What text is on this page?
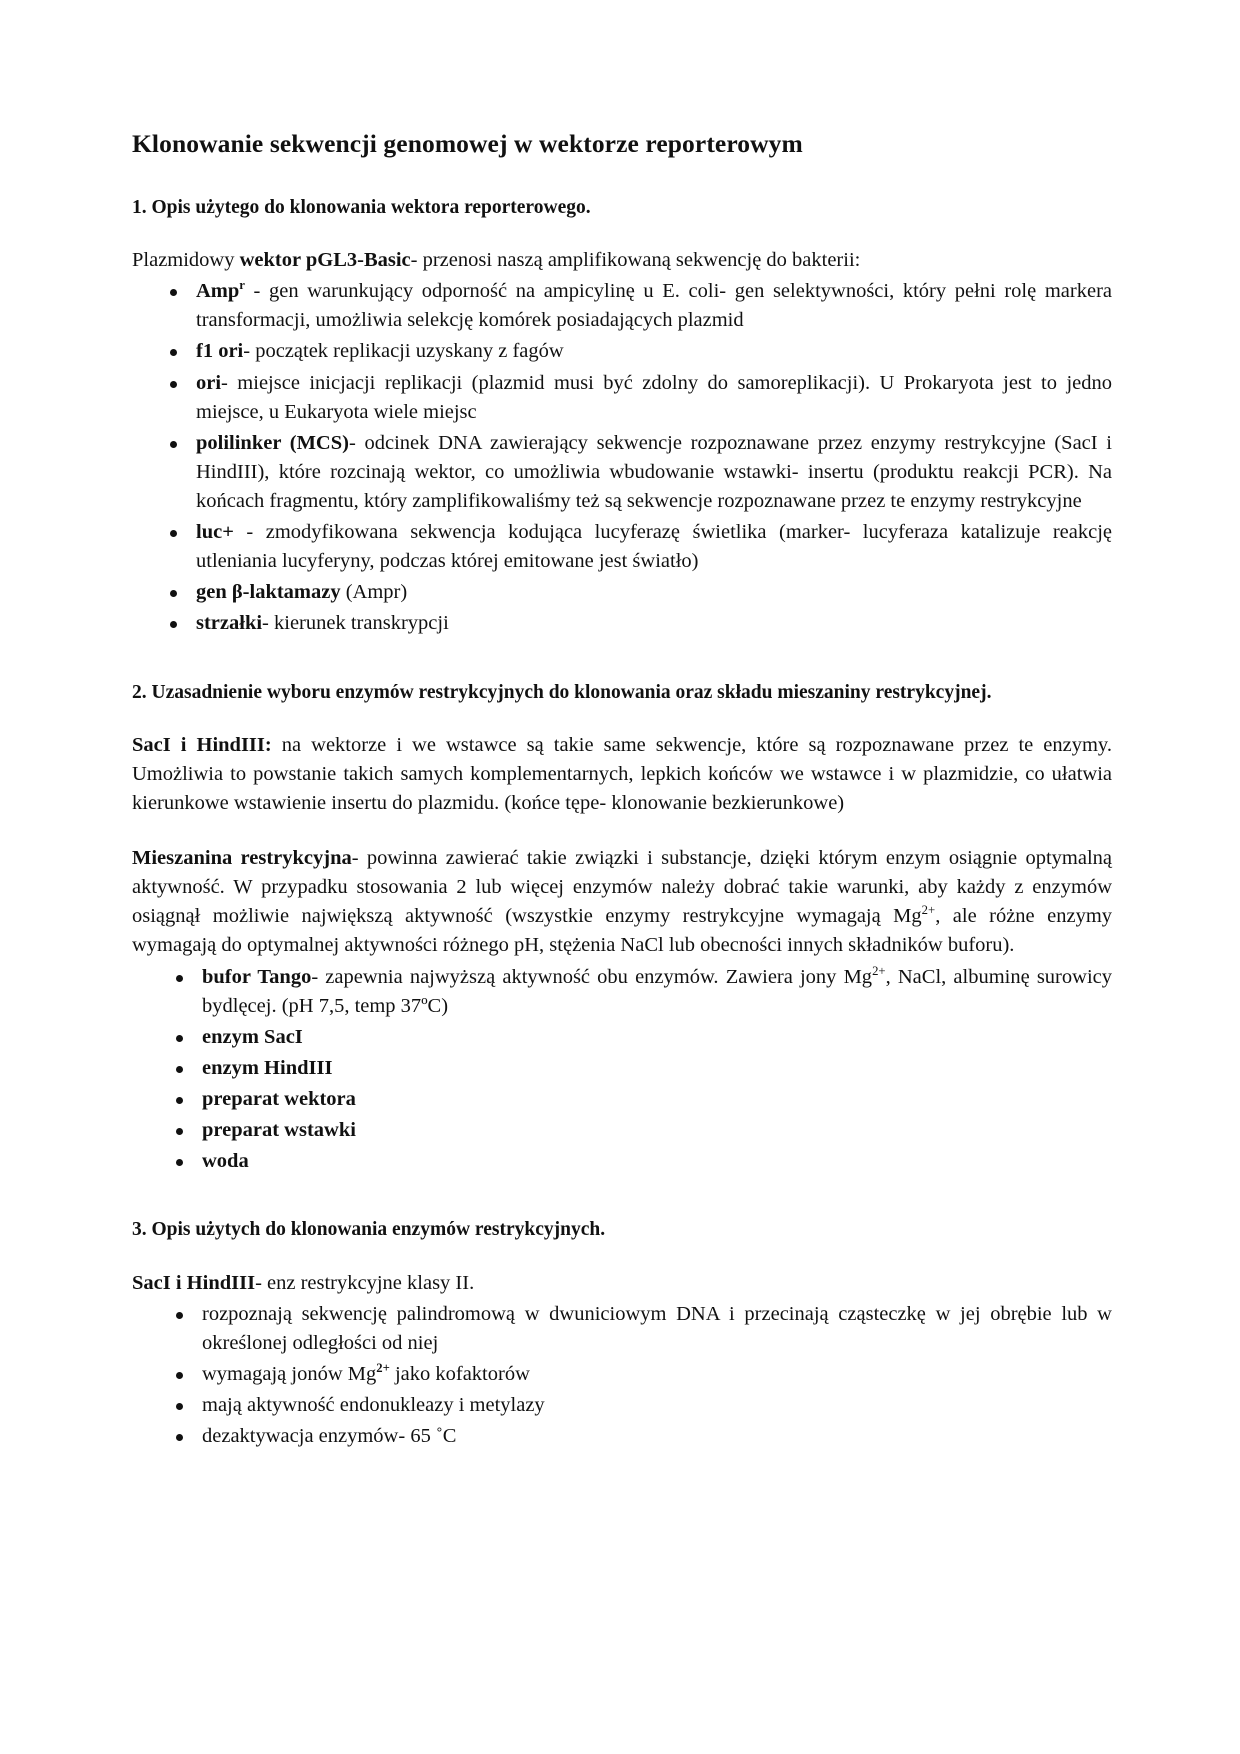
Klonowanie sekwencji genomowej w wektorze reporterowym
1. Opis użytego do klonowania wektora reporterowego.

Plazmidowy wektor pGL3-Basic- przenosi naszą amplifikowaną sekwencję do bakterii:

Amp$^r$ - gen warunkujący odporność na ampicylinę u E. coli- gen selektywności, który pełni rolę markera transformacji, umożliwia selekcję komórek posiadających plazmid
f1 ori- początek replikacji uzyskany z fagów
ori- miejsce inicjacji replikacji (plazmid musi być zdolny do samoreplikacji). U Prokaryota jest to jedno miejsce, u Eukaryota wiele miejsc
polilinker (MCS)- odcinek DNA zawierający sekwencje rozpoznawane przez enzymy restrykcyjne (SacI i HindIII), które rozcinają wektor, co umożliwia wbudowanie wstawki- insertu (produktu reakcji PCR). Na końcach fragmentu, który zamplifikowaliśmy też są sekwencje rozpoznawane przez te enzymy restrykcyjne
luc+ - zmodyfikowana sekwencja kodująca lucyferazę świetlika (marker- lucyferaza katalizuje reakcję utleniania lucyferyny, podczas której emitowane jest światło)
gen β-laktamazy (Ampr)
strzałki- kierunek transkrypcji
2. Uzasadnienie wyboru enzymów restrykcyjnych do klonowania oraz składu mieszaniny restrykcyjnej.

SacI i HindIII: na wektorze i we wstawce są takie same sekwencje, które są rozpoznawane przez te enzymy. Umożliwia to powstanie takich samych komplementarnych, lepkich końców we wstawce i w plazmidzie, co ułatwia kierunkowe wstawienie insertu do plazmidu. (końce tępe- klonowanie bezkierunkowe)

Mieszanina restrykcyjna- powinna zawierać takie związki i substancje, dzięki którym enzym osiągnie optymalną aktywność. W przypadku stosowania 2 lub więcej enzymów należy dobrać takie warunki, aby każdy z enzymów osiągnął możliwie największą aktywność (wszystkie enzymy restrykcyjne wymagają $Mg^{2+}$, ale różne enzymy wymagają do optymalnej aktywności różnego pH, stężenia NaCl lub obecności innych składników buforu).

bufor Tango- zapewnia najwyższą aktywność obu enzymów. Zawiera jony $Mg^{2+}$, NaCl, albuminę surowicy bydlęcej. (pH 7,5, temp 37ºC)
enzym SacI
enzym HindIII
preparat wektora
preparat wstawki
woda
3. Opis użytych do klonowania enzymów restrykcyjnych.

SacI i HindIII- enz restrykcyjne klasy II.

rozpoznają sekwencję palindromową w dwuniciowym DNA i przecinają cząsteczkę w jej obrębie lub w określonej odległości od niej
wymagają jonów $Mg^{2+}$ jako kofaktorów
mają aktywność endonukleazy i metylazy
dezaktywacja enzymów- 65 ˚C
